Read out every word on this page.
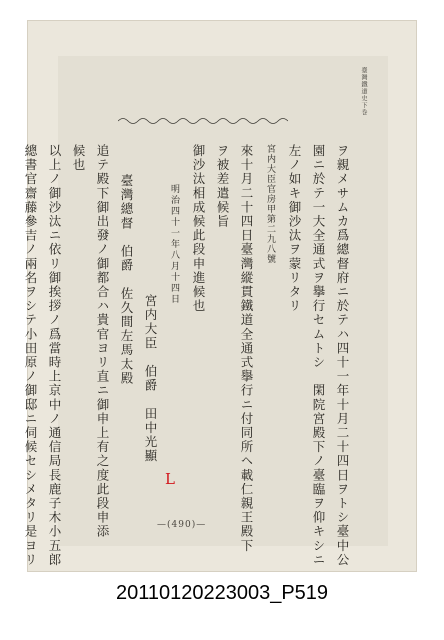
臺灣鐵道史下巻
ヲ親メサムカ爲總督府ニ於テハ四十一年十月二十四日ヲトシ臺中公
園ニ於テ一大全通式ヲ擧行セムトシ　閑院宮殿下ノ臺臨ヲ仰キシニ
左ノ如キ御沙汰ヲ蒙リタリ
宮内大臣官房甲第二九八號
來十月二十四日臺灣縱貫鐵道全通式擧行ニ付同所ヘ載仁親王殿下
ヲ被差遣候旨
御沙汰相成候此段申進候也
明治四十一年八月十四日
宮内大臣　伯爵　田中光顯
臺灣總督　伯爵　佐久間左馬太殿
追テ殿下御出發ノ御都合ハ貴官ヨリ直ニ御申上有之度此段申添
候也
以上ノ御沙汰ニ依リ御挨拶ノ爲當時上京中ノ通信局長鹿子木小五郎
總書官齋藤參吉ノ兩名ヲシテ小田原ノ御邸ニ伺候セシメタリ是ヨリ	L
—(490)—
20110120223003_P519
